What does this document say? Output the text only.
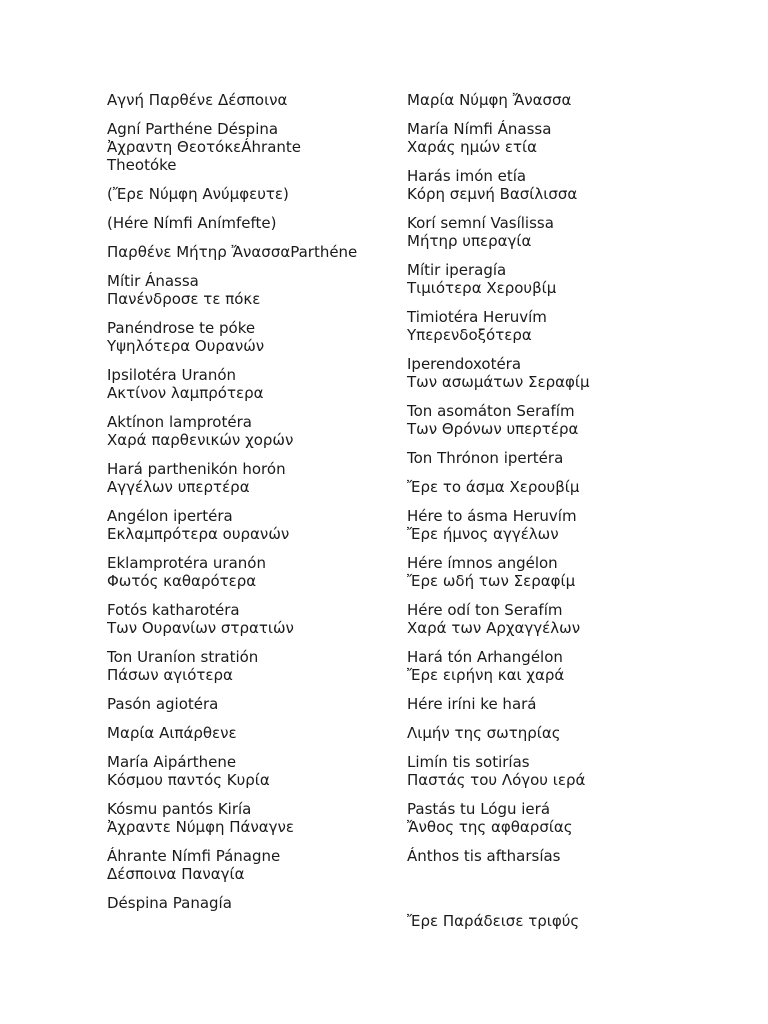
Αγνή Παρθένε Δέσποινα
Agní Parthéne Déspina
Ἀχραντη ΘεοτόκεÁhrante
Theotóke
(Ἔρε Νύμφη Ανύμφευτε)
(Hére Nímfi Anímfefte)
Παρθένε Μήτηρ ἌνασσαParthéne
Mítir Ánassa
Πανένδροσε τε πόκε
Panéndrose te póke
Υψηλότερα Ουρανών
Ipsilotéra Uranón
Ακτίνον λαμπρότερα
Aktínon lamprotéra
Χαρά παρθενικών χορών
Hará parthenikón horón
Αγγέλων υπερτέρα
Angélon ipertéra
Εκλαμπρότερα ουρανών
Eklamprotéra uranón
Φωτός καθαρότερα
Fotós katharotéra
Των Ουρανίων στρατιών
Ton Uraníon stratión
Πάσων αγιότερα
Pasón agiotéra
Μαρία Αιπάρθενε
María Aipárthene
Κόσμου παντός Κυρία
Kósmu pantós Kiría
Ἀχραντε Νύμφη Πάναγνε
Áhrante Nímfi Pánagne
Δέσποινα Παναγία
Déspina Panagía
Μαρία Νύμφη Ἄνασσα
María Nímfi Ánassa
Χαράς ημών ετία
Harás imón etía
Κόρη σεμνή Βασίλισσα
Korí semní Vasílissa
Μήτηρ υπεραγία
Mítir iperagía
Τιμιότερα Χερουβίμ
Timiotéra Heruvím
Υπερενδοξότερα
Iperendoxotéra
Των ασωμάτων Σεραφίμ
Ton asomáton Serafím
Των Θρόνων υπερτέρα
Ton Thrónon ipertéra
Ἔρε το άσμα Χερουβίμ
Hére to ásma Heruvím
Ἔρε ήμνος αγγέλων
Hére ímnos angélon
Ἔρε ωδή των Σεραφίμ
Hére odí ton Serafím
Χαρά των Αρχαγγέλων
Hará tón Arhangélon
Ἔρε ειρήνη και χαρά
Hére iríni ke hará
Λιμήν της σωτηρίας
Limín tis sotirías
Παστάς του Λόγου ιερά
Pastás tu Lógu ierá
Ἄνθος της αφθαρσίας
Ánthos tis aftharsías
Ἔρε Παράδεισε τριφύς
